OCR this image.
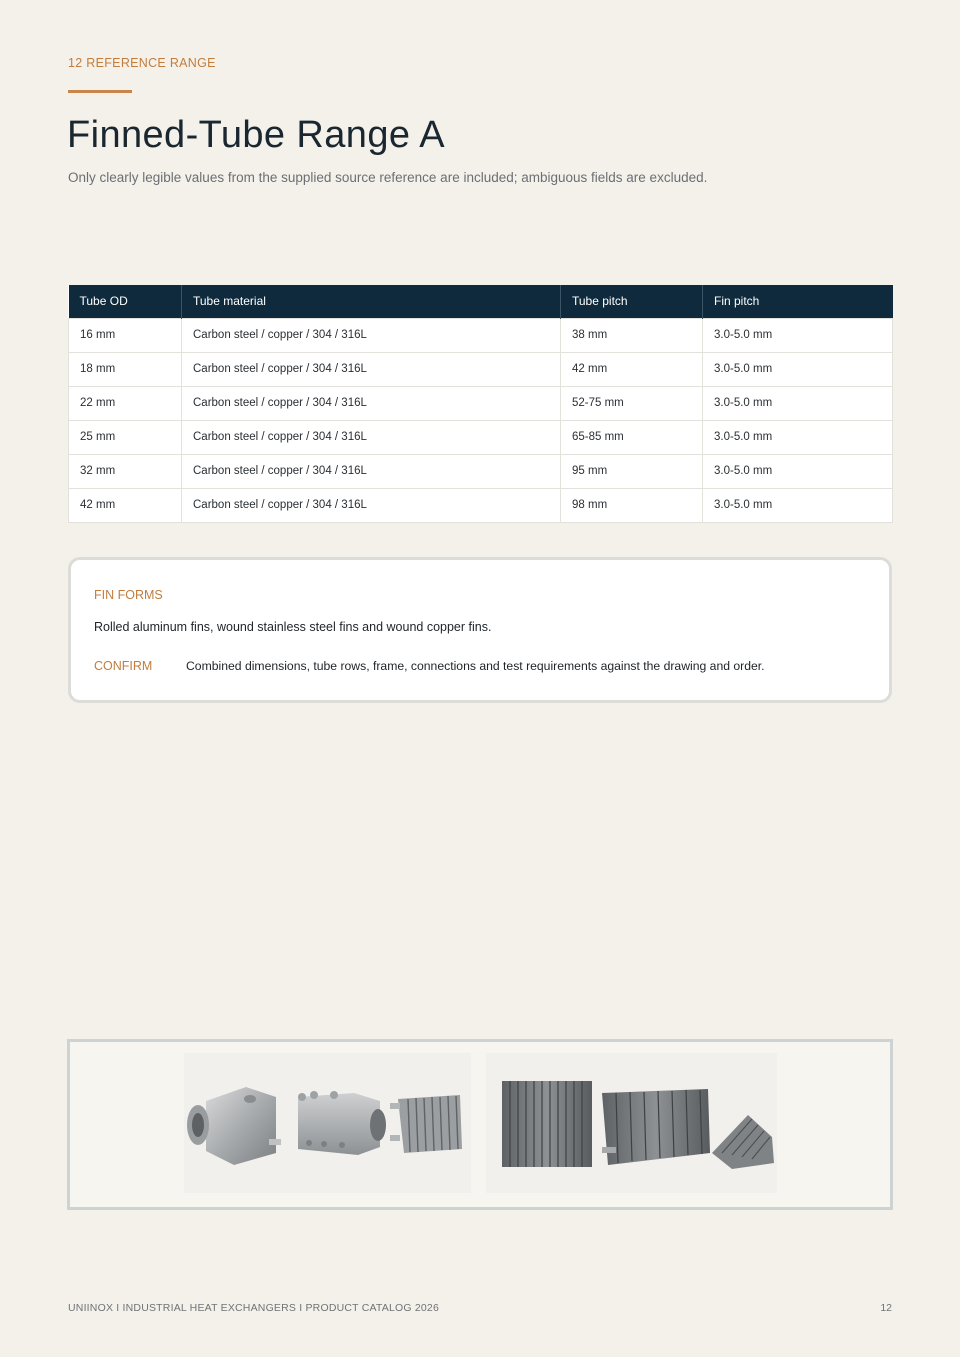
12 REFERENCE RANGE
Finned-Tube Range A

Only clearly legible values from the supplied source reference are included; ambiguous fields are excluded.

Tube OD	Tube material	Tube pitch	Fin pitch
16 mm	Carbon steel / copper / 304 / 316L	38 mm	3.0-5.0 mm
18 mm	Carbon steel / copper / 304 / 316L	42 mm	3.0-5.0 mm
22 mm	Carbon steel / copper / 304 / 316L	52-75 mm	3.0-5.0 mm
25 mm	Carbon steel / copper / 304 / 316L	65-85 mm	3.0-5.0 mm
32 mm	Carbon steel / copper / 304 / 316L	95 mm	3.0-5.0 mm
42 mm	Carbon steel / copper / 304 / 316L	98 mm	3.0-5.0 mm
FIN FORMS
Rolled aluminum fins, wound stainless steel fins and wound copper fins.
CONFIRM	Combined dimensions, tube rows, frame, connections and test requirements against the drawing and order.
UNIINOX I INDUSTRIAL HEAT EXCHANGERS I PRODUCT CATALOG 2026	12
